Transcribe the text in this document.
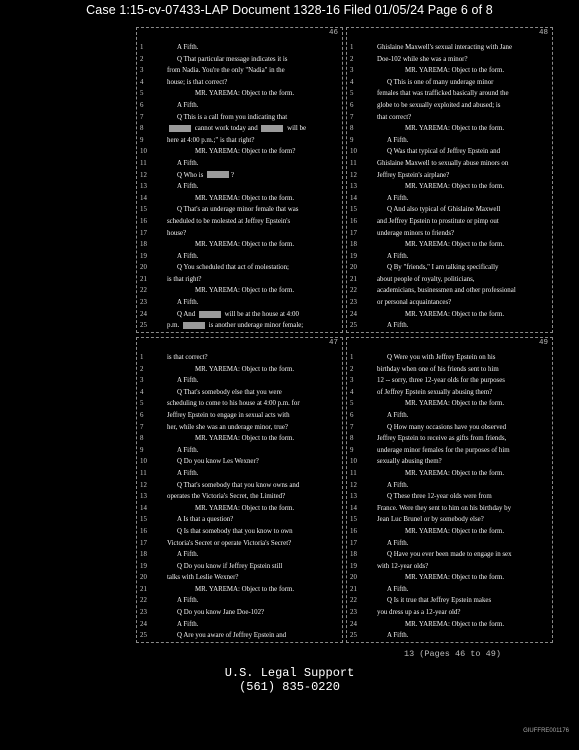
Case 1:15-cv-07433-LAP Document 1328-16 Filed 01/05/24 Page 6 of 8
46
1	A Fifth.
2	Q That particular message indicates it is
3	from Nadia. You're the only "Nadia" in the
4	house; is that correct?
5	MR. YAREMA: Object to the form.
6	A Fifth.
7	Q This is a call from you indicating that
8	cannot work today and	will be
9	here at 4:00 p.m.;" is that right?
10	MR. YAREMA: Object to the form?
11	A Fifth.
12	Q Who is	?
13	A Fifth.
14	MR. YAREMA: Object to the form.
15	Q That's an underage minor female that was
16	scheduled to be molested at Jeffrey Epstein's
17	house?
18	MR. YAREMA: Object to the form.
19	A Fifth.
20	Q You scheduled that act of molestation;
21	is that right?
22	MR. YAREMA: Object to the form.
23	A Fifth.
24	Q And	will be at the house at 4:00
25	p.m.	is another underage minor female;
48
1	Ghislaine Maxwell's sexual interacting with Jane
2	Doe-102 while she was a minor?
3	MR. YAREMA: Object to the form.
4	Q This is one of many underage minor
5	females that was trafficked basically around the
6	globe to be sexually exploited and abused; is
7	that correct?
8	MR. YAREMA: Object to the form.
9	A Fifth.
10	Q Was that typical of Jeffrey Epstein and
11	Ghislaine Maxwell to sexually abuse minors on
12	Jeffrey Epstein's airplane?
13	MR. YAREMA: Object to the form.
14	A Fifth.
15	Q And also typical of Ghislaine Maxwell
16	and Jeffrey Epstein to prostitute or pimp out
17	underage minors to friends?
18	MR. YAREMA: Object to the form.
19	A Fifth.
20	Q By "friends," I am talking specifically
21	about people of royalty, politicians,
22	academicians, businessmen and other professional
23	or personal acquaintances?
24	MR. YAREMA: Object to the form.
25	A Fifth.
47
1	is that correct?
2	MR. YAREMA: Object to the form.
3	A Fifth.
4	Q That's somebody else that you were
5	scheduling to come to his house at 4:00 p.m. for
6	Jeffrey Epstein to engage in sexual acts with
7	her, while she was an underage minor, true?
8	MR. YAREMA: Object to the form.
9	A Fifth.
10	Q Do you know Les Wexner?
11	A Fifth.
12	Q That's somebody that you know owns and
13	operates the Victoria's Secret, the Limited?
14	MR. YAREMA: Object to the form.
15	A Is that a question?
16	Q Is that somebody that you know to own
17	Victoria's Secret or operate Victoria's Secret?
18	A Fifth.
19	Q Do you know if Jeffrey Epstein still
20	talks with Leslie Wexner?
21	MR. YAREMA: Object to the form.
22	A Fifth.
23	Q Do you know Jane Doe-102?
24	A Fifth.
25	Q Are you aware of Jeffrey Epstein and
49
1	Q Were you with Jeffrey Epstein on his
2	birthday when one of his friends sent to him
3	12 -- sorry, three 12-year olds for the purposes
4	of Jeffrey Epstein sexually abusing them?
5	MR. YAREMA: Object to the form.
6	A Fifth.
7	Q How many occasions have you observed
8	Jeffrey Epstein to receive as gifts from friends,
9	underage minor females for the purposes of him
10	sexually abusing them?
11	MR. YAREMA: Object to the form.
12	A Fifth.
13	Q These three 12-year olds were from
14	France. Were they sent to him on his birthday by
15	Jean Luc Brunel or by somebody else?
16	MR. YAREMA: Object to the form.
17	A Fifth.
18	Q Have you ever been made to engage in sex
19	with 12-year olds?
20	MR. YAREMA: Object to the form.
21	A Fifth.
22	Q Is it true that Jeffrey Epstein makes
23	you dress up as a 12-year old?
24	MR. YAREMA: Object to the form.
25	A Fifth.
13 (Pages 46 to 49)
U.S. Legal Support
(561) 835-0220
GIUFFRE001176
